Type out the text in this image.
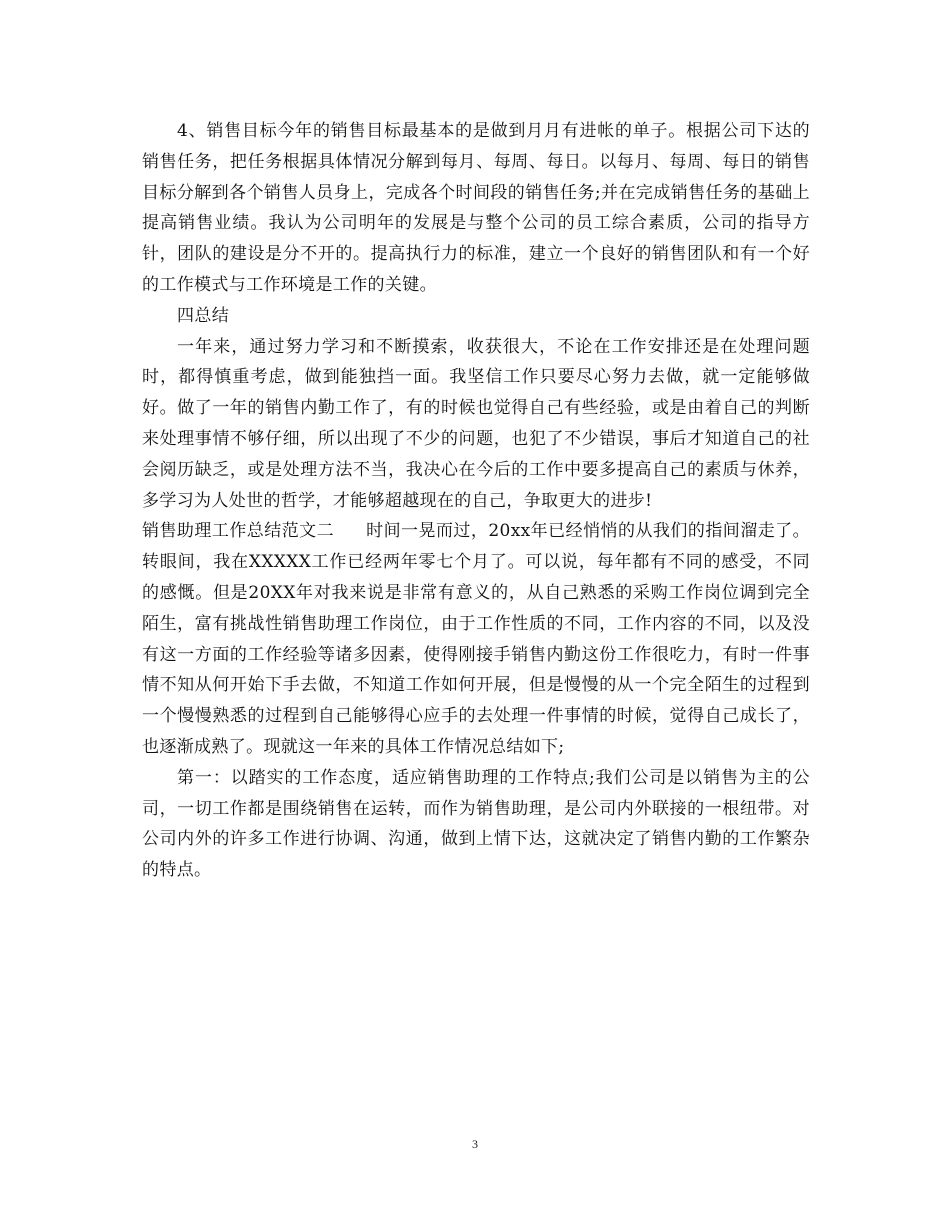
4、销售目标今年的销售目标最基本的是做到月月有进帐的单子。根据公司下达的销售任务，把任务根据具体情况分解到每月、每周、每日。以每月、每周、每日的销售目标分解到各个销售人员身上，完成各个时间段的销售任务;并在完成销售任务的基础上提高销售业绩。我认为公司明年的发展是与整个公司的员工综合素质，公司的指导方针，团队的建设是分不开的。提高执行力的标准，建立一个良好的销售团队和有一个好的工作模式与工作环境是工作的关键。

四总结

一年来，通过努力学习和不断摸索，收获很大，不论在工作安排还是在处理问题时，都得慎重考虑，做到能独挡一面。我坚信工作只要尽心努力去做，就一定能够做好。做了一年的销售内勤工作了，有的时候也觉得自己有些经验，或是由着自己的判断来处理事情不够仔细，所以出现了不少的问题，也犯了不少错误，事后才知道自己的社会阅历缺乏，或是处理方法不当，我决心在今后的工作中要多提高自己的素质与休养，多学习为人处世的哲学，才能够超越现在的自己，争取更大的进步!

销售助理工作总结范文二 时间一晃而过，20xx年已经悄悄的从我们的指间溜走了。转眼间，我在XXXXX工作已经两年零七个月了。可以说，每年都有不同的感受，不同的感慨。但是20XX年对我来说是非常有意义的，从自己熟悉的采购工作岗位调到完全陌生，富有挑战性销售助理工作岗位，由于工作性质的不同，工作内容的不同，以及没有这一方面的工作经验等诸多因素，使得刚接手销售内勤这份工作很吃力，有时一件事情不知从何开始下手去做，不知道工作如何开展，但是慢慢的从一个完全陌生的过程到一个慢慢熟悉的过程到自己能够得心应手的去处理一件事情的时候，觉得自己成长了，也逐渐成熟了。现就这一年来的具体工作情况总结如下;

第一：以踏实的工作态度，适应销售助理的工作特点;我们公司是以销售为主的公司，一切工作都是围绕销售在运转，而作为销售助理，是公司内外联接的一根纽带。对公司内外的许多工作进行协调、沟通，做到上情下达，这就决定了销售内勤的工作繁杂的特点。

3
